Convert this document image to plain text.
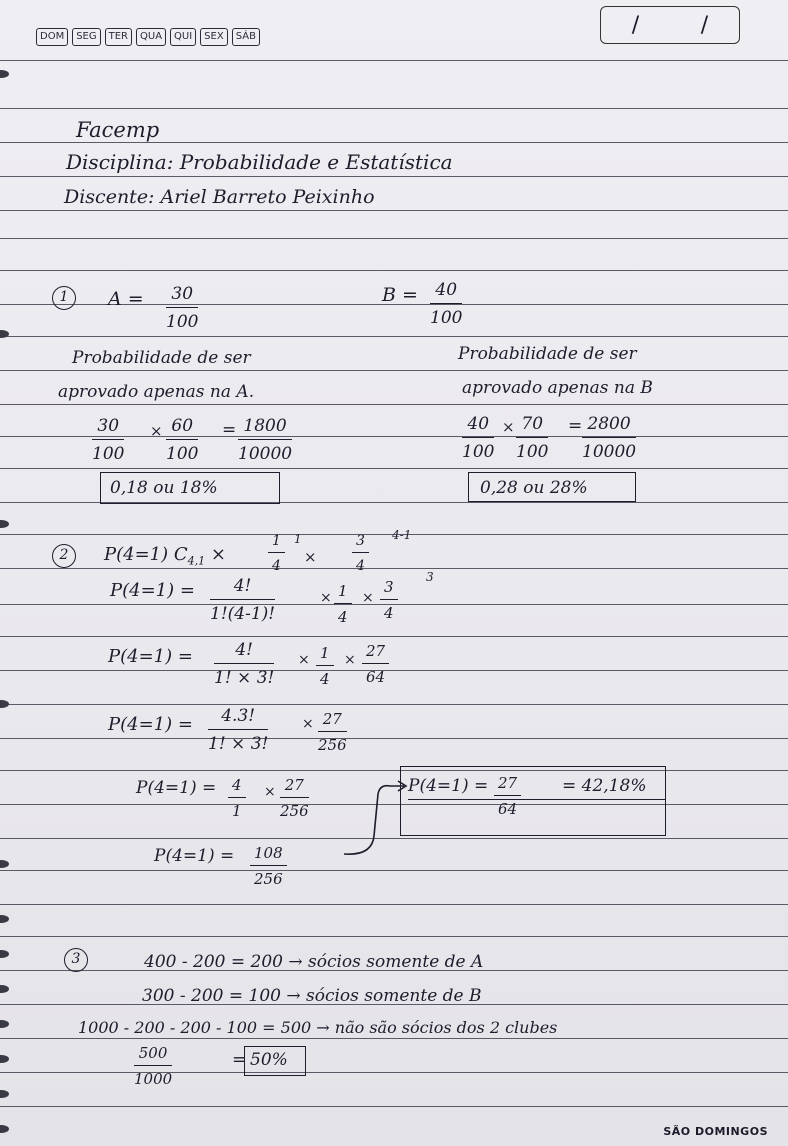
DOM	SEG	TER	QUA	QUI	SEX	SÁB	/	/
Facemp
Disciplina: Probabilidade e Estatística
Discente: Ariel Barreto Peixinho
1	$A = \frac{30}{100}$	$B = \frac{40}{100}$
Probabilidade de ser
aprovado apenas na A.
Probabilidade de ser
aprovado apenas na B
$\frac{30}{100} \times \frac{60}{100} = \frac{1800}{10000}$	$\frac{40}{100} \times \frac{70}{100} = \frac{2800}{10000}$
0,18 ou 18%	0,28 ou 28%
2	P(4=1) $C_{4,1}$ ×	$\frac{1}{4} 1$
×	$\frac{3}{4} 4-1$
$P(4=1) = \frac{4!}{1!(4-1)!}$	× $\frac{1}{4} \times \frac{3}{4}$
3
$P(4=1) = \frac{4!}{1! \times 3!} \times \frac{1}{4} \times \frac{27}{64}$
$P(4=1) = \frac{4.3!}{1! \times 3!} \times \frac{27}{256}$
$P(4=1) = \frac{4}{1} \times \frac{27}{256}$
$P(4=1) = \frac{108}{256}$
$P(4=1) = \frac{27}{64} = 42,18\%$
3	400 - 200 = 200 → sócios somente de A
300 - 200 = 100 → sócios somente de B
1000 - 200 - 200 - 100 = 500 → não são sócios dos 2 clubes
$\frac{500}{1000}$	= 50%
SÃO DOMINGOS
